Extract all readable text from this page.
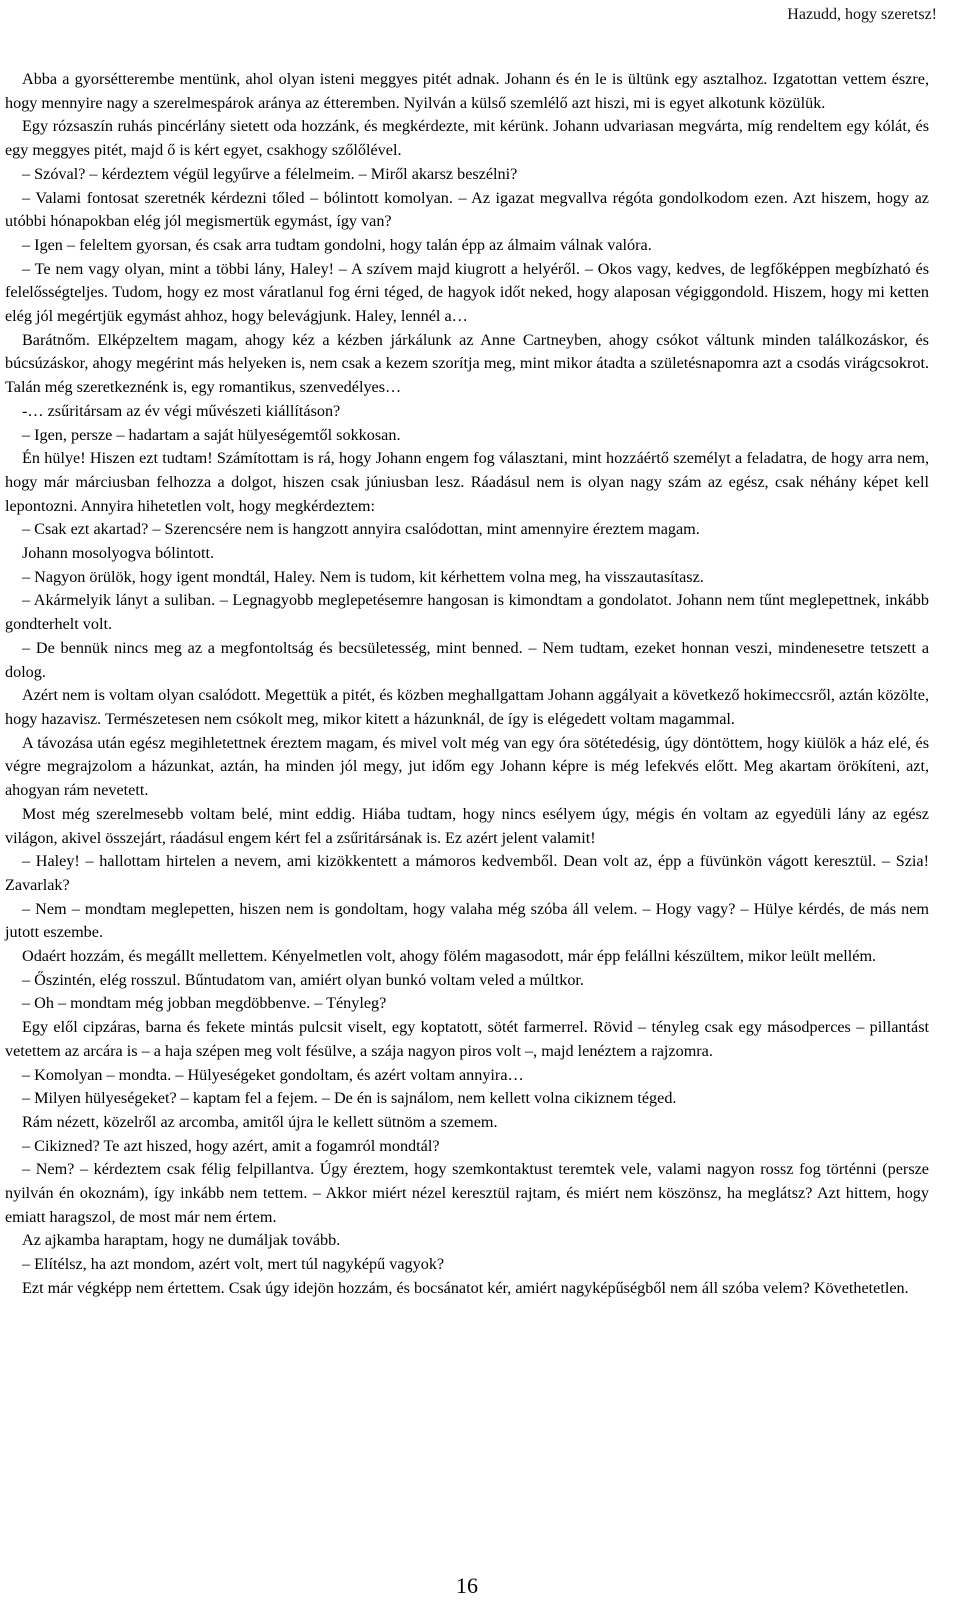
Hazudd, hogy szeretsz!

Abba a gyorsétterembe mentünk, ahol olyan isteni meggyes pitét adnak. Johann és én le is ültünk egy asztalhoz. Izgatottan vettem észre, hogy mennyire nagy a szerelmespárok aránya az étteremben. Nyilván a külső szemlélő azt hiszi, mi is egyet alkotunk közülük.

Egy rózsaszín ruhás pincérlány sietett oda hozzánk, és megkérdezte, mit kérünk. Johann udvariasan megvárta, míg rendeltem egy kólát, és egy meggyes pitét, majd ő is kért egyet, csakhogy szőlőlével.

– Szóval? – kérdeztem végül legyűrve a félelmeim. – Miről akarsz beszélni?

– Valami fontosat szeretnék kérdezni tőled – bólintott komolyan. – Az igazat megvallva régóta gondolkodom ezen. Azt hiszem, hogy az utóbbi hónapokban elég jól megismertük egymást, így van?

– Igen – feleltem gyorsan, és csak arra tudtam gondolni, hogy talán épp az álmaim válnak valóra.

– Te nem vagy olyan, mint a többi lány, Haley! – A szívem majd kiugrott a helyéről. – Okos vagy, kedves, de legfőképpen megbízható és felelősségteljes. Tudom, hogy ez most váratlanul fog érni téged, de hagyok időt neked, hogy alaposan végiggondold. Hiszem, hogy mi ketten elég jól megértjük egymást ahhoz, hogy belevágjunk. Haley, lennél a…

Barátnőm. Elképzeltem magam, ahogy kéz a kézben járkálunk az Anne Cartneyben, ahogy csókot váltunk minden találkozáskor, és búcsúzáskor, ahogy megérint más helyeken is, nem csak a kezem szorítja meg, mint mikor átadta a születésnapomra azt a csodás virágcsokrot. Talán még szeretkeznénk is, egy romantikus, szenvedélyes…

-… zsűritársam az év végi művészeti kiállításon?

– Igen, persze – hadartam a saját hülyeségemtől sokkosan.

Én hülye! Hiszen ezt tudtam! Számítottam is rá, hogy Johann engem fog választani, mint hozzáértő személyt a feladatra, de hogy arra nem, hogy már márciusban felhozza a dolgot, hiszen csak júniusban lesz. Ráadásul nem is olyan nagy szám az egész, csak néhány képet kell lepontozni. Annyira hihetetlen volt, hogy megkérdeztem:

– Csak ezt akartad? – Szerencsére nem is hangzott annyira csalódottan, mint amennyire éreztem magam.

Johann mosolyogva bólintott.

– Nagyon örülök, hogy igent mondtál, Haley. Nem is tudom, kit kérhettem volna meg, ha visszautasítasz.

– Akármelyik lányt a suliban. – Legnagyobb meglepetésemre hangosan is kimondtam a gondolatot. Johann nem tűnt meglepettnek, inkább gondterhelt volt.

– De bennük nincs meg az a megfontoltság és becsületesség, mint benned. – Nem tudtam, ezeket honnan veszi, mindenesetre tetszett a dolog.

Azért nem is voltam olyan csalódott. Megettük a pitét, és közben meghallgattam Johann aggályait a következő hokimeccsről, aztán közölte, hogy hazavisz. Természetesen nem csókolt meg, mikor kitett a házunknál, de így is elégedett voltam magammal.

A távozása után egész megihletettnek éreztem magam, és mivel volt még van egy óra sötétedésig, úgy döntöttem, hogy kiülök a ház elé, és végre megrajzolom a házunkat, aztán, ha minden jól megy, jut időm egy Johann képre is még lefekvés előtt. Meg akartam örökíteni, azt, ahogyan rám nevetett.

Most még szerelmesebb voltam belé, mint eddig. Hiába tudtam, hogy nincs esélyem úgy, mégis én voltam az egyedüli lány az egész világon, akivel összejárt, ráadásul engem kért fel a zsűritársának is. Ez azért jelent valamit!

– Haley! – hallottam hirtelen a nevem, ami kizökkentett a mámoros kedvemből. Dean volt az, épp a füvünkön vágott keresztül. – Szia! Zavarlak?

– Nem – mondtam meglepetten, hiszen nem is gondoltam, hogy valaha még szóba áll velem. – Hogy vagy? – Hülye kérdés, de más nem jutott eszembe.

Odaért hozzám, és megállt mellettem. Kényelmetlen volt, ahogy fölém magasodott, már épp felállni készültem, mikor leült mellém.

– Őszintén, elég rosszul. Bűntudatom van, amiért olyan bunkó voltam veled a múltkor.

– Oh – mondtam még jobban megdöbbenve. – Tényleg?

Egy elől cipzáras, barna és fekete mintás pulcsit viselt, egy koptatott, sötét farmerrel. Rövid – tényleg csak egy másodperces – pillantást vetettem az arcára is – a haja szépen meg volt fésülve, a szája nagyon piros volt –, majd lenéztem a rajzomra.

– Komolyan – mondta. – Hülyeségeket gondoltam, és azért voltam annyira…

– Milyen hülyeségeket? – kaptam fel a fejem. – De én is sajnálom, nem kellett volna cikiznem téged.

Rám nézett, közelről az arcomba, amitől újra le kellett sütnöm a szemem.

– Cikizned? Te azt hiszed, hogy azért, amit a fogamról mondtál?

– Nem? – kérdeztem csak félig felpillantva. Úgy éreztem, hogy szemkontaktust teremtek vele, valami nagyon rossz fog történni (persze nyilván én okoznám), így inkább nem tettem. – Akkor miért nézel keresztül rajtam, és miért nem köszönsz, ha meglátsz? Azt hittem, hogy emiatt haragszol, de most már nem értem.

Az ajkamba haraptam, hogy ne dumáljak tovább.

– Elítélsz, ha azt mondom, azért volt, mert túl nagyképű vagyok?

Ezt már végképp nem értettem. Csak úgy idejön hozzám, és bocsánatot kér, amiért nagyképűségből nem áll szóba velem? Követhetetlen.

16
